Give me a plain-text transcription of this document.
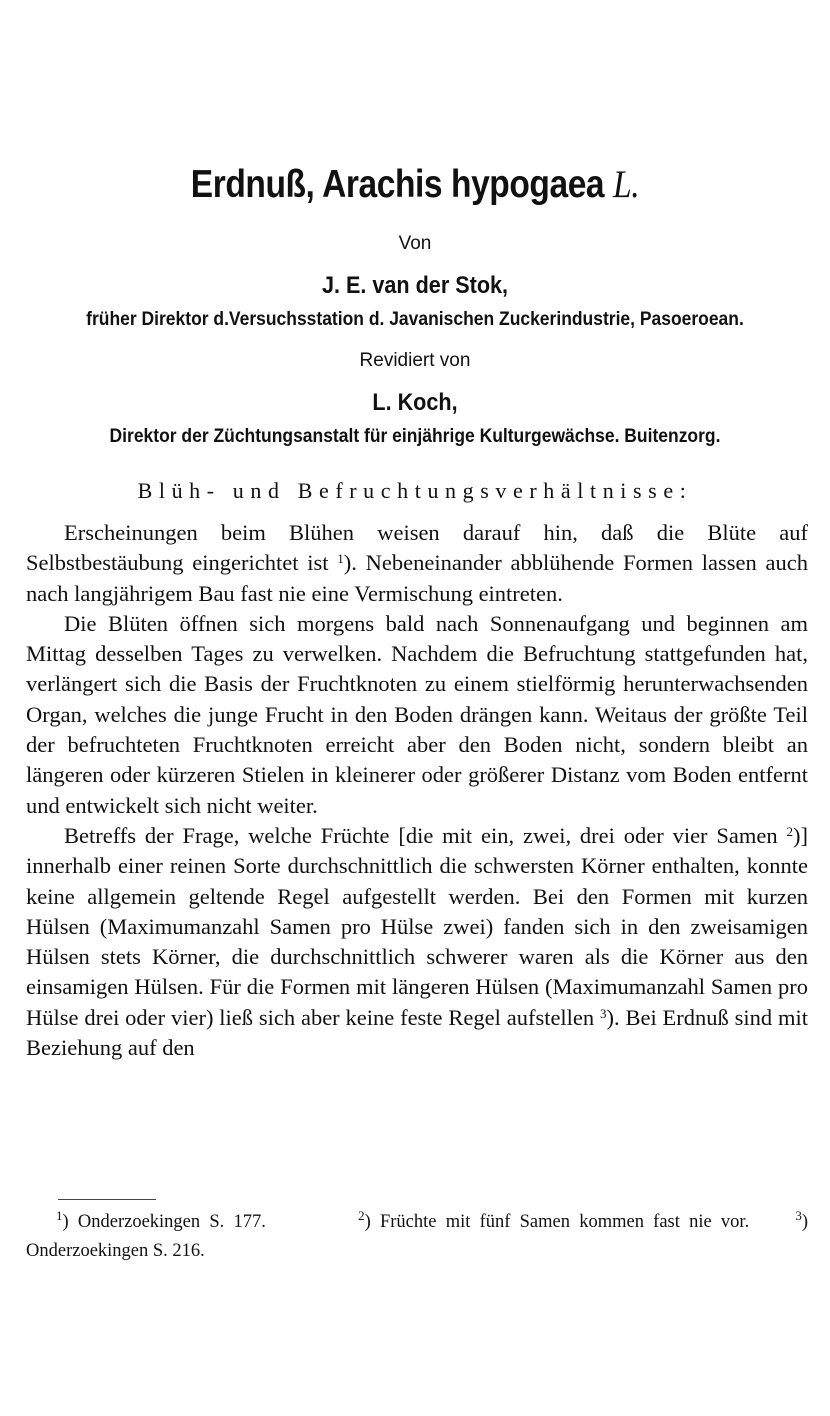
Erdnuß, Arachis hypogaea L.
Von
J. E. van der Stok,
früher Direktor d.Versuchsstation d. Javanischen Zuckerindustrie, Pasoeroean.
Revidiert von
L. Koch,
Direktor der Züchtungsanstalt für einjährige Kulturgewächse. Buitenzorg.
Blüh- und Befruchtungsverhältnisse:

Erscheinungen beim Blühen weisen darauf hin, daß die Blüte auf Selbstbestäubung eingerichtet ist $^1$). Nebeneinander abblühende Formen lassen auch nach langjährigem Bau fast nie eine Vermischung eintreten.

Die Blüten öffnen sich morgens bald nach Sonnenaufgang und beginnen am Mittag desselben Tages zu verwelken. Nachdem die Befruchtung stattgefunden hat, verlängert sich die Basis der Fruchtknoten zu einem stielförmig herunterwachsenden Organ, welches die junge Frucht in den Boden drängen kann. Weitaus der größte Teil der befruchteten Fruchtknoten erreicht aber den Boden nicht, sondern bleibt an längeren oder kürzeren Stielen in kleinerer oder größerer Distanz vom Boden entfernt und entwickelt sich nicht weiter.

Betreffs der Frage, welche Früchte [die mit ein, zwei, drei oder vier Samen $^2$)] innerhalb einer reinen Sorte durchschnittlich die schwersten Körner enthalten, konnte keine allgemein geltende Regel aufgestellt werden. Bei den Formen mit kurzen Hülsen (Maximumanzahl Samen pro Hülse zwei) fanden sich in den zweisamigen Hülsen stets Körner, die durchschnittlich schwerer waren als die Körner aus den einsamigen Hülsen. Für die Formen mit längeren Hülsen (Maximumanzahl Samen pro Hülse drei oder vier) ließ sich aber keine feste Regel aufstellen $^3$). Bei Erdnuß sind mit Beziehung auf den

$^1$) Onderzoekingen S. 177.	$^2$) Früchte mit fünf Samen kommen fast nie vor.	$^3$) Onderzoekingen S. 216.
